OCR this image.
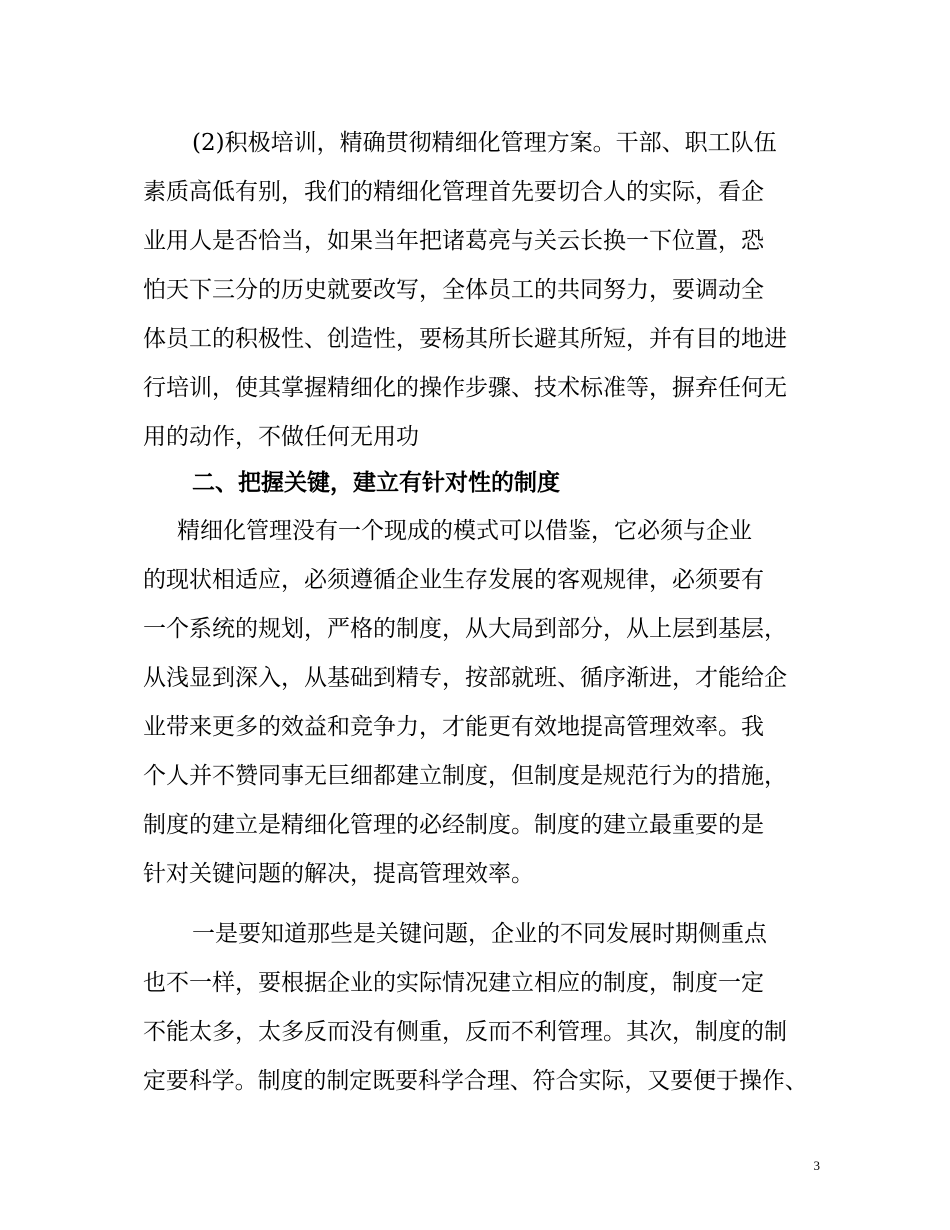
(2)积极培训，精确贯彻精细化管理方案。干部、职工队伍
素质高低有别，我们的精细化管理首先要切合人的实际，看企
业用人是否恰当，如果当年把诸葛亮与关云长换一下位置，恐
怕天下三分的历史就要改写，全体员工的共同努力，要调动全
体员工的积极性、创造性，要杨其所长避其所短，并有目的地进
行培训，使其掌握精细化的操作步骤、技术标准等，摒弃任何无
用的动作，不做任何无用功
二、把握关键，建立有针对性的制度
精细化管理没有一个现成的模式可以借鉴，它必须与企业
的现状相适应，必须遵循企业生存发展的客观规律，必须要有
一个系统的规划，严格的制度，从大局到部分，从上层到基层，
从浅显到深入，从基础到精专，按部就班、循序渐进，才能给企
业带来更多的效益和竞争力，才能更有效地提高管理效率。我
个人并不赞同事无巨细都建立制度，但制度是规范行为的措施，
制度的建立是精细化管理的必经制度。制度的建立最重要的是
针对关键问题的解决，提高管理效率。
一是要知道那些是关键问题，企业的不同发展时期侧重点
也不一样，要根据企业的实际情况建立相应的制度，制度一定
不能太多，太多反而没有侧重，反而不利管理。其次，制度的制
定要科学。制度的制定既要科学合理、符合实际，又要便于操作、
3
